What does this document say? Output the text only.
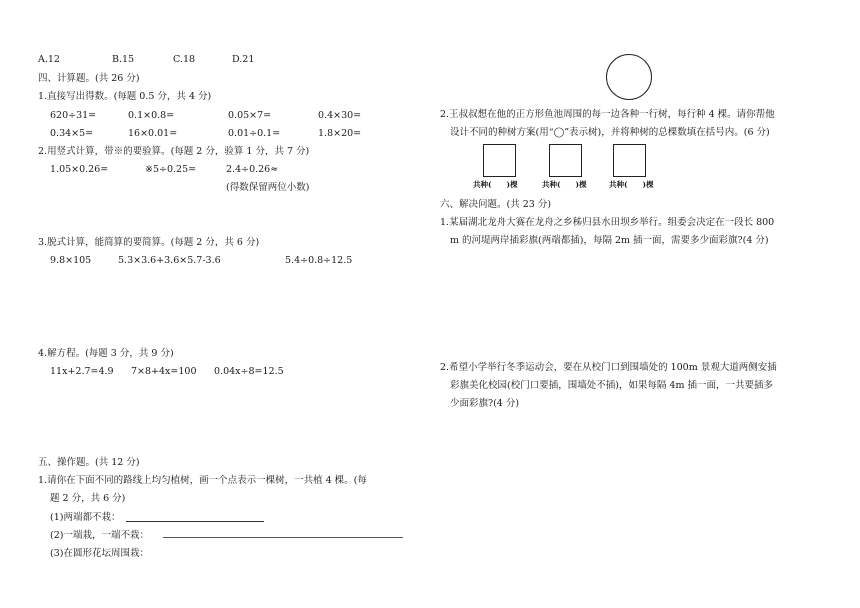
A.12	B.15	C.18	D.21
四、计算题。(共 26 分)
1.直接写出得数。(每题 0.5 分，共 4 分)
620÷31=	0.1×0.8=	0.05×7=	0.4×30=
0.34×5=	16×0.01=	0.01÷0.1=	1.8×20=
2.用竖式计算，带※的要验算。(每题 2 分，验算 1 分，共 7 分)
1.05×0.26=	※5÷0.25=	2.4÷0.26≈
(得数保留两位小数)
3.脱式计算，能简算的要简算。(每题 2 分，共 6 分)
9.8×105	5.3×3.6+3.6×5.7-3.6	5.4÷0.8÷12.5
4.解方程。(每题 3 分，共 9 分)
11x+2.7=4.9 7×8+4x=100 0.04x÷8=12.5
五、操作题。(共 12 分)
1.请你在下面不同的路线上均匀植树，画一个点表示一棵树，一共植 4 棵。(每
题 2 分，共 6 分)
(1)两端都不栽：
(2)一端栽，一端不栽：
(3)在圆形花坛周围栽：
2.王叔叔想在他的正方形鱼池周围的每一边各种一行树，每行种 4 棵。请你帮他
设计不同的种树方案(用“◯”表示树)，并将种树的总棵数填在括号内。(6 分)
共种(　　)棵	共种(　　)棵	共种(　　)棵
六、解决问题。(共 23 分)
1.某届湖北龙舟大赛在龙舟之乡秭归县水田坝乡举行。组委会决定在一段长 800
m 的河堤两岸插彩旗(两端都插)，每隔 2m 插一面，需要多少面彩旗?(4 分)
2.希望小学举行冬季运动会，要在从校门口到围墙处的 100m 景观大道两侧安插
彩旗美化校园(校门口要插，围墙处不插)，如果每隔 4m 插一面，一共要插多
少面彩旗?(4 分)
